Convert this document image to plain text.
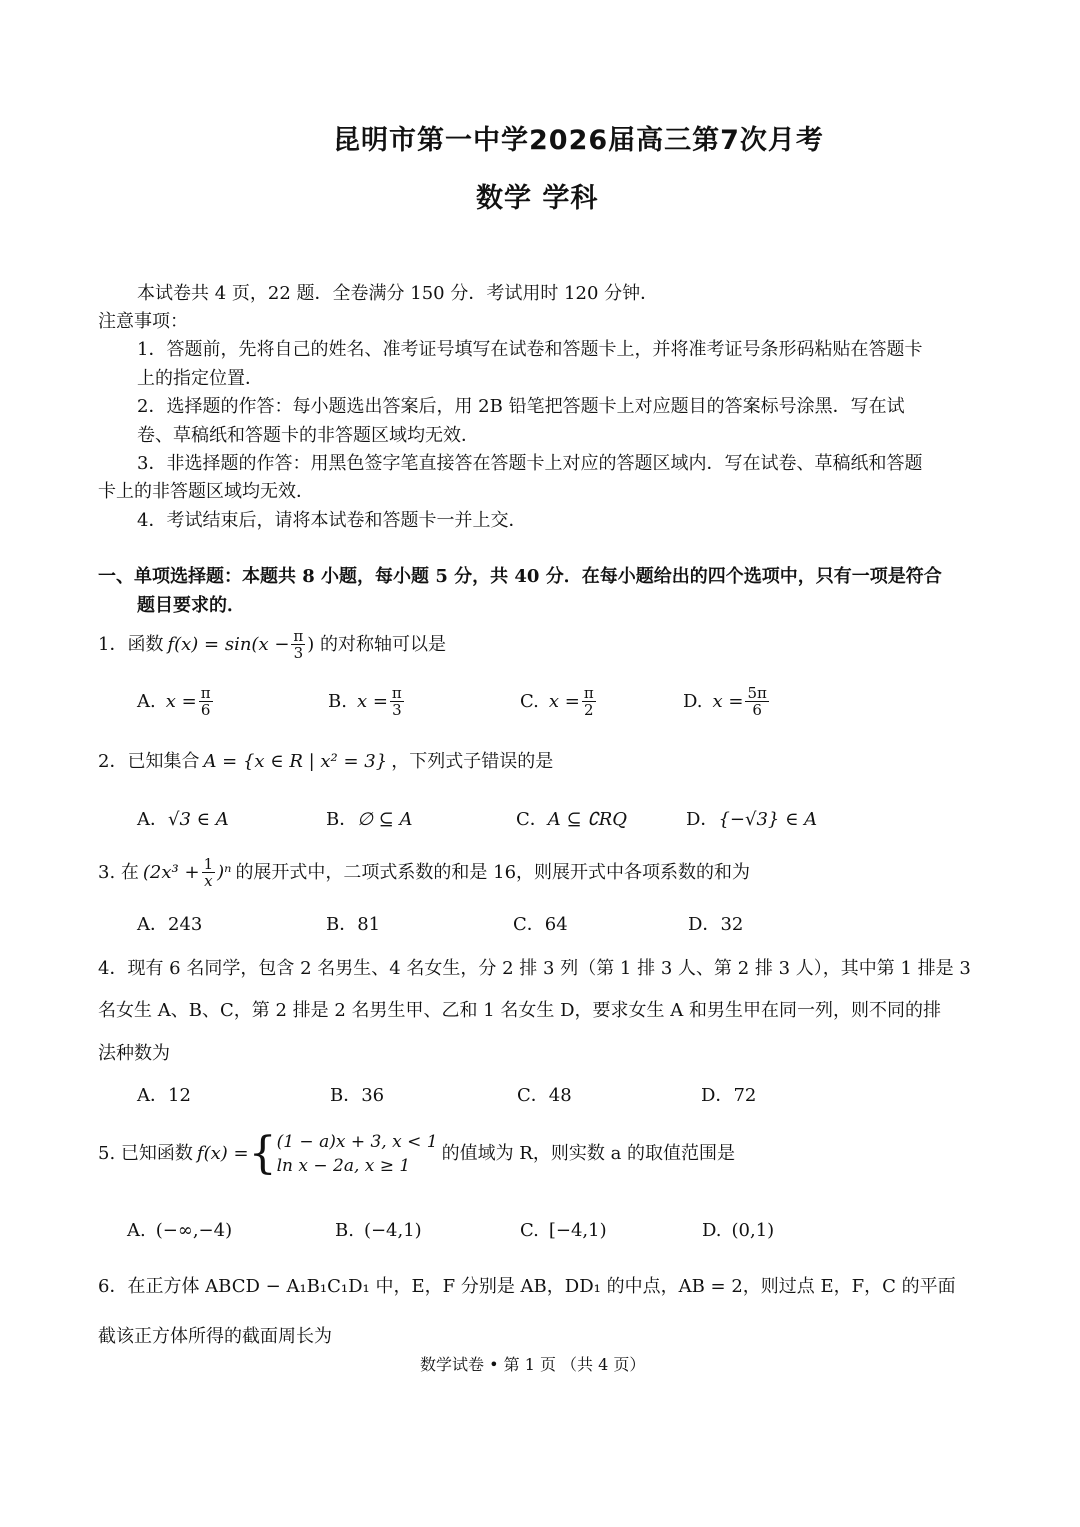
昆明市第一中学2026届高三第7次月考
数学 学科
本试卷共 4 页，22 题．全卷满分 150 分．考试用时 120 分钟．
注意事项：
1．答题前，先将自己的姓名、准考证号填写在试卷和答题卡上，并将准考证号条形码粘贴在答题卡
上的指定位置．
2．选择题的作答：每小题选出答案后，用 2B 铅笔把答题卡上对应题目的答案标号涂黑．写在试
卷、草稿纸和答题卡的非答题区域均无效．
3．非选择题的作答：用黑色签字笔直接答在答题卡上对应的答题区域内．写在试卷、草稿纸和答题
卡上的非答题区域均无效．
4．考试结束后，请将本试卷和答题卡一并上交．
一、单项选择题：本题共 8 小题，每小题 5 分，共 40 分．在每小题给出的四个选项中，只有一项是符合
题目要求的．
1．函数 $f(x) = \sin(x - \frac{\pi}{3}$ ) 的对称轴可以是
A. $x = \frac{\pi}{6}$	B. $x = \frac{\pi}{3}$	C. $x = \frac{\pi}{2}$	D. $x = \frac{5\pi}{6}$
2．已知集合 A = {x ∈ R | x² = 3} ，下列式子错误的是
A．√3 ∈ A	B．∅ ⊆ A	C．A ⊆ ∁RQ	D．{−√3} ∈ A
3. 在 $(2x^3 + \frac{1}{x} )^n$ 的展开式中，二项式系数的和是 16，则展开式中各项系数的和为
A．243	B．81	C．64	D．32
4．现有 6 名同学，包含 2 名男生、4 名女生，分 2 排 3 列（第 1 排 3 人、第 2 排 3 人），其中第 1 排是 3
名女生 A、B、C，第 2 排是 2 名男生甲、乙和 1 名女生 D，要求女生 A 和男生甲在同一列，则不同的排
法种数为
A．12	B．36	C．48	D．72
5. 已知函数 f(x) = { (1 − a)x + 3, x < 1
ln x − 2a, x ≥ 1
的值域为 R，则实数 a 的取值范围是
A. (−∞,−4)	B. (−4,1)	C. [−4,1)	D. (0,1)
6．在正方体 ABCD − A₁B₁C₁D₁ 中，E，F 分别是 AB，DD₁ 的中点，AB = 2，则过点 E，F，C 的平面
截该正方体所得的截面周长为
数学试卷 • 第 1 页 （共 4 页）
